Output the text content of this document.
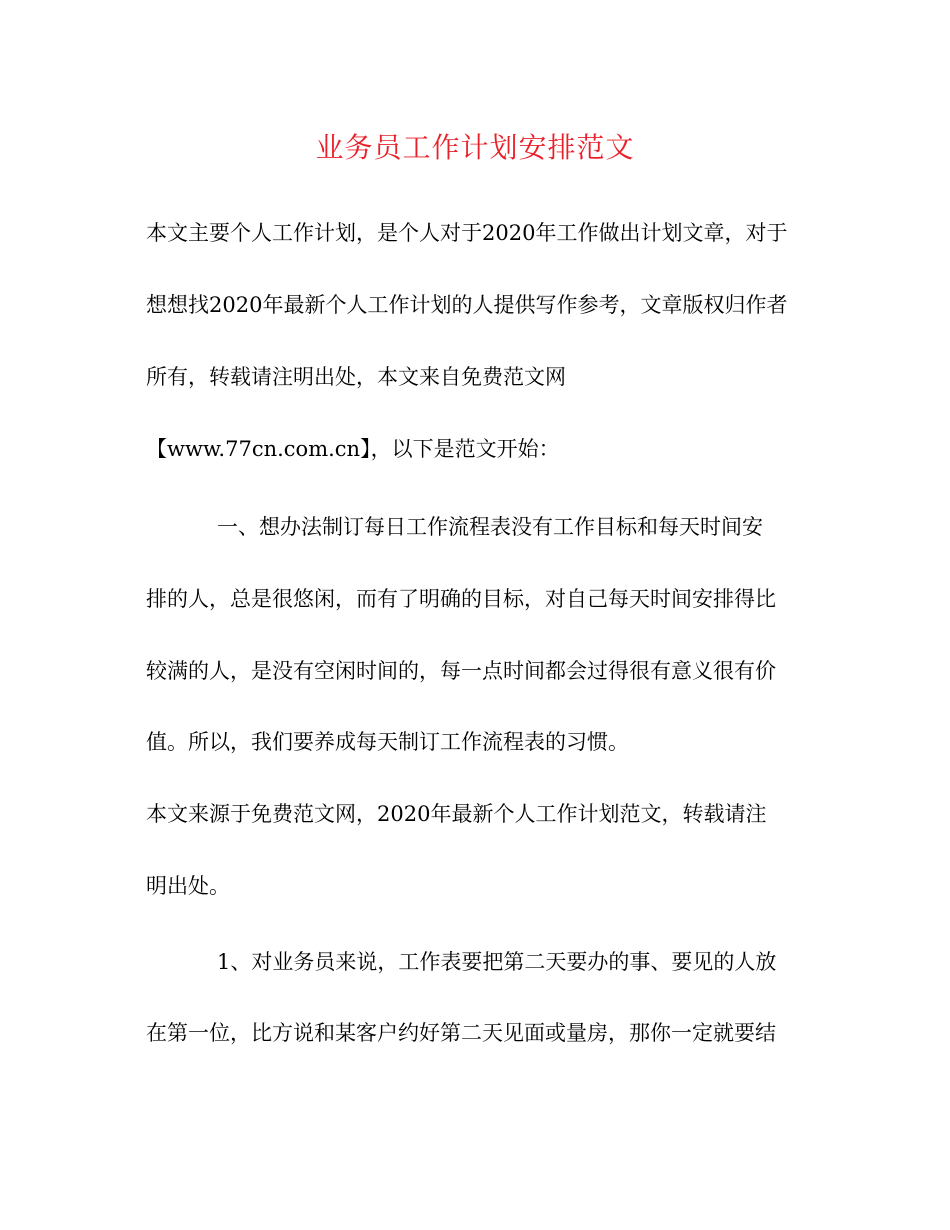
业务员工作计划安排范文
本文主要个人工作计划，是个人对于2020年工作做出计划文章，对于
想想找2020年最新个人工作计划的人提供写作参考，文章版权归作者
所有，转载请注明出处，本文来自免费范文网
【www.77cn.com.cn】，以下是范文开始：
一、想办法制订每日工作流程表没有工作目标和每天时间安
排的人，总是很悠闲，而有了明确的目标，对自己每天时间安排得比
较满的人，是没有空闲时间的，每一点时间都会过得很有意义很有价
值。所以，我们要养成每天制订工作流程表的习惯。
本文来源于免费范文网，2020年最新个人工作计划范文，转载请注
明出处。
1、对业务员来说，工作表要把第二天要办的事、要见的人放
在第一位，比方说和某客户约好第二天见面或量房，那你一定就要结
